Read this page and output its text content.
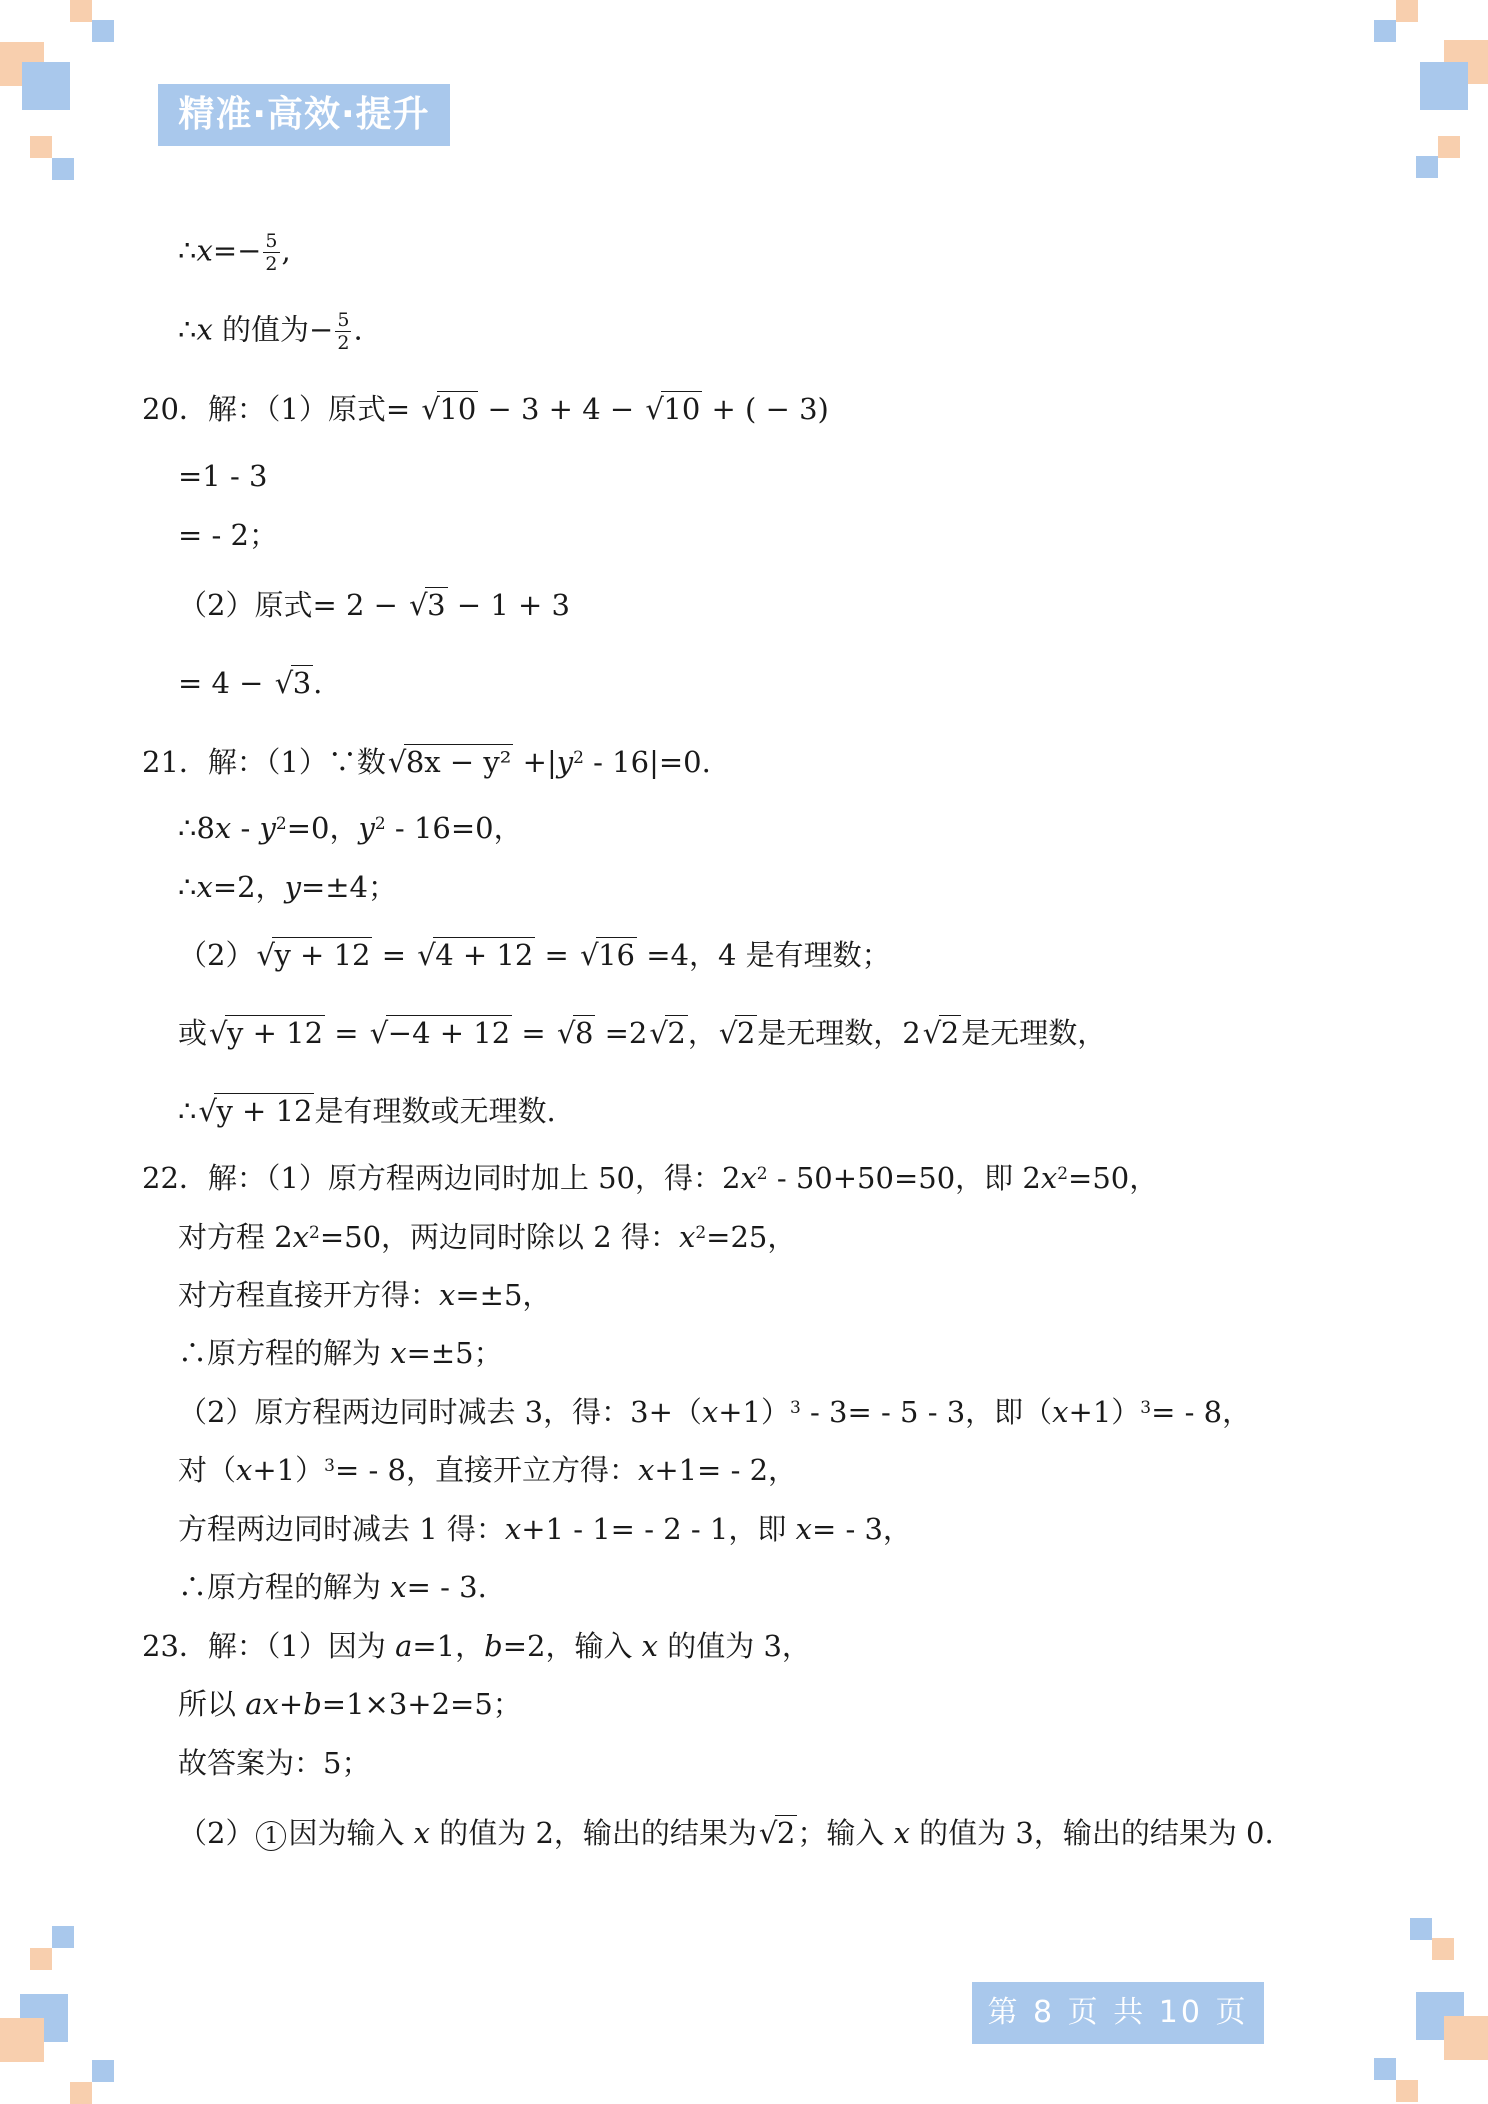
精准·高效·提升
∴x=− $\frac{5}{2}$ ,
∴x 的值为− $\frac{5}{2}$ .
20．解：（1）原式= √ 10 − 3 + 4 − √ 10 + ( − 3)
=1 - 3
= - 2；
（2）原式= 2 − √ 3 − 1 + 3
= 4 − √ 3.
21．解：（1）∵数 √ $8x - y^2 +|y^2 - 16|=0$.
∴8x - $y^2=0$，$y^2 - 16=0$，
∴x=2，y=±4；
（2） √ y + 12 = √ 4 + 12 = √ 16 =4，4 是有理数；
或 √ y + 12 = √ −4 + 12 = √ 8 =2 √ 2， √ 2是无理数，2 √ 2是无理数，
∴ √ y + 12是有理数或无理数.
22．解：（1）原方程两边同时加上 50，得：$2x^2 - 50+50=50$，即 $2x^2=50$，
对方程 $2x^2=50$，两边同时除以 2 得：$x^2=25$，
对方程直接开方得：x=±5，
∴原方程的解为 x=±5；
（2）原方程两边同时减去 3，得：$3+(x+1)^3 - 3= - 5 - 3$，即$(x+1)^3= - 8$，
对$(x+1)^3= - 8$，直接开立方得：x+1= - 2，
方程两边同时减去 1 得：x+1 - 1= - 2 - 1，即 x= - 3，
∴原方程的解为 x= - 3.
23．解：（1）因为 a=1，b=2，输入 x 的值为 3，
所以 ax+b=1×3+2=5；
故答案为：5；
（2） 1 因为输入 x 的值为 2，输出的结果为 √ 2；输入 x 的值为 3，输出的结果为 0.
第 8 页 共 10 页
